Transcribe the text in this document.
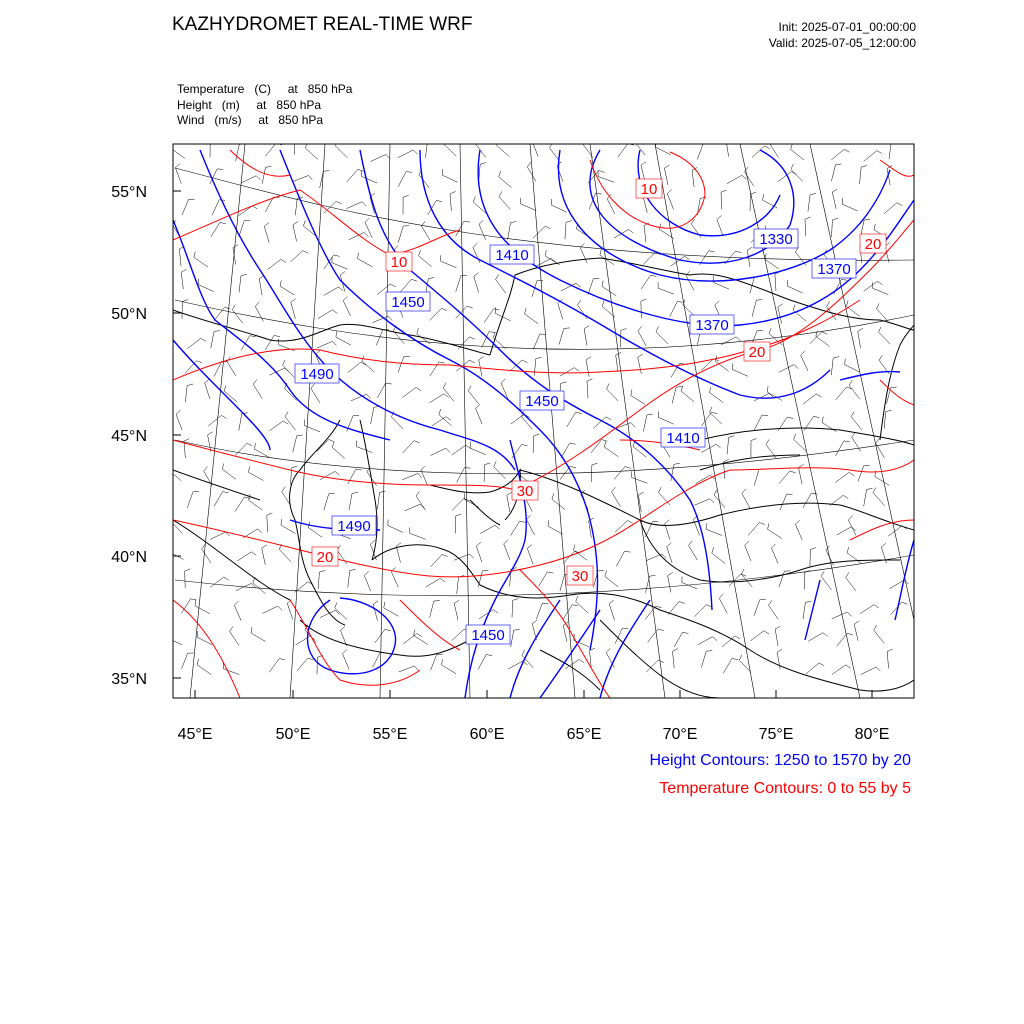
KAZHYDROMET REAL-TIME WRF	Init: 2025-07-01_00:00:00
Valid: 2025-07-05_12:00:00
Temperature (C)     at   850 hPa
Height (m)     at   850 hPa
Wind (m/s)     at   850 hPa
1410
1330
1370
1450
1370
1490
1450
1410
1490
1450
10
20
10
20
30
30
20
45°E	50°E	55°E	60°E	65°E	70°E	75°E	80°E
55°N
50°N
45°N
40°N
35°N
Height Contours: 1250 to 1570 by 20
Temperature Contours: 0 to 55 by 5
